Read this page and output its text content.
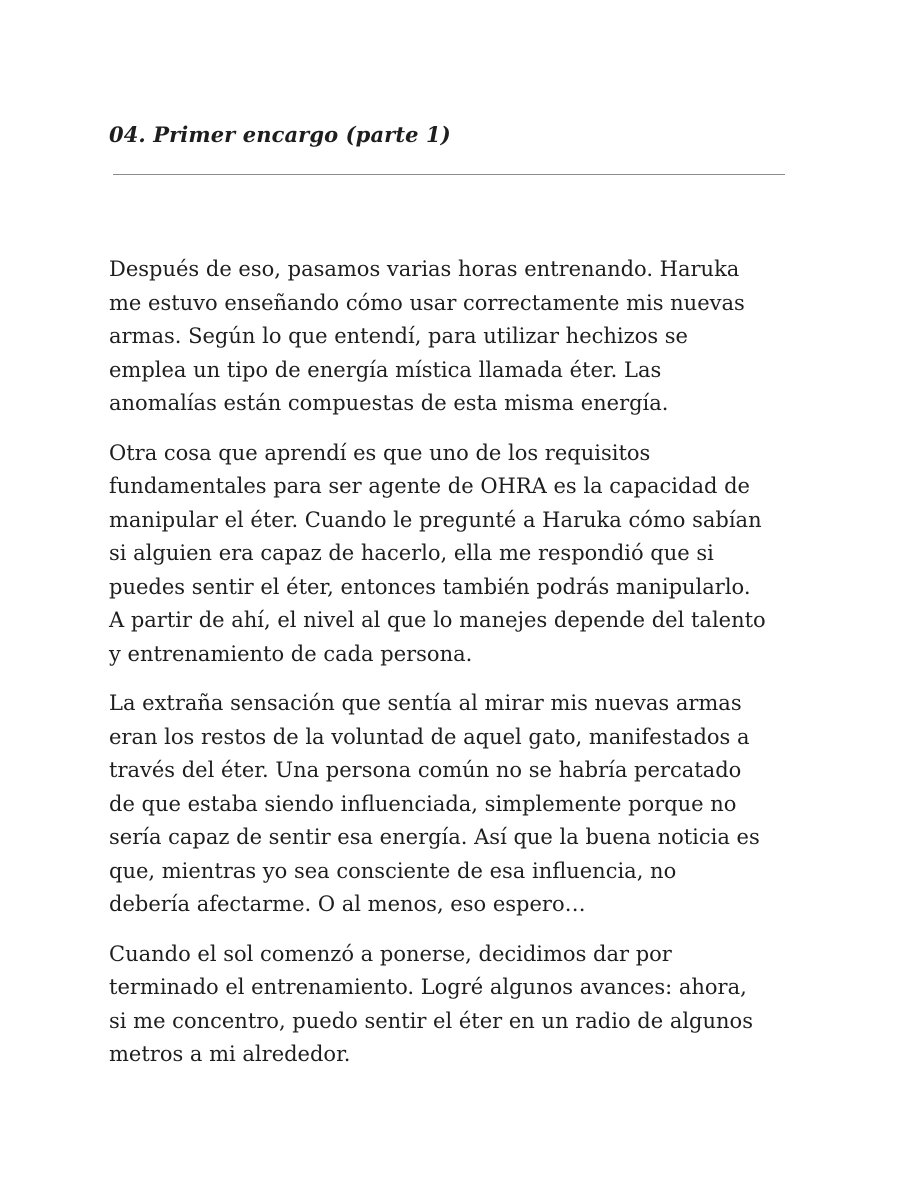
04. Primer encargo (parte 1)

Después de eso, pasamos varias horas entrenando. Haruka
me estuvo enseñando cómo usar correctamente mis nuevas
armas. Según lo que entendí, para utilizar hechizos se
emplea un tipo de energía mística llamada éter. Las
anomalías están compuestas de esta misma energía.

Otra cosa que aprendí es que uno de los requisitos
fundamentales para ser agente de OHRA es la capacidad de
manipular el éter. Cuando le pregunté a Haruka cómo sabían
si alguien era capaz de hacerlo, ella me respondió que si
puedes sentir el éter, entonces también podrás manipularlo.
A partir de ahí, el nivel al que lo manejes depende del talento
y entrenamiento de cada persona.

La extraña sensación que sentía al mirar mis nuevas armas
eran los restos de la voluntad de aquel gato, manifestados a
través del éter. Una persona común no se habría percatado
de que estaba siendo influenciada, simplemente porque no
sería capaz de sentir esa energía. Así que la buena noticia es
que, mientras yo sea consciente de esa influencia, no
debería afectarme. O al menos, eso espero…

Cuando el sol comenzó a ponerse, decidimos dar por
terminado el entrenamiento. Logré algunos avances: ahora,
si me concentro, puedo sentir el éter en un radio de algunos
metros a mi alrededor.
